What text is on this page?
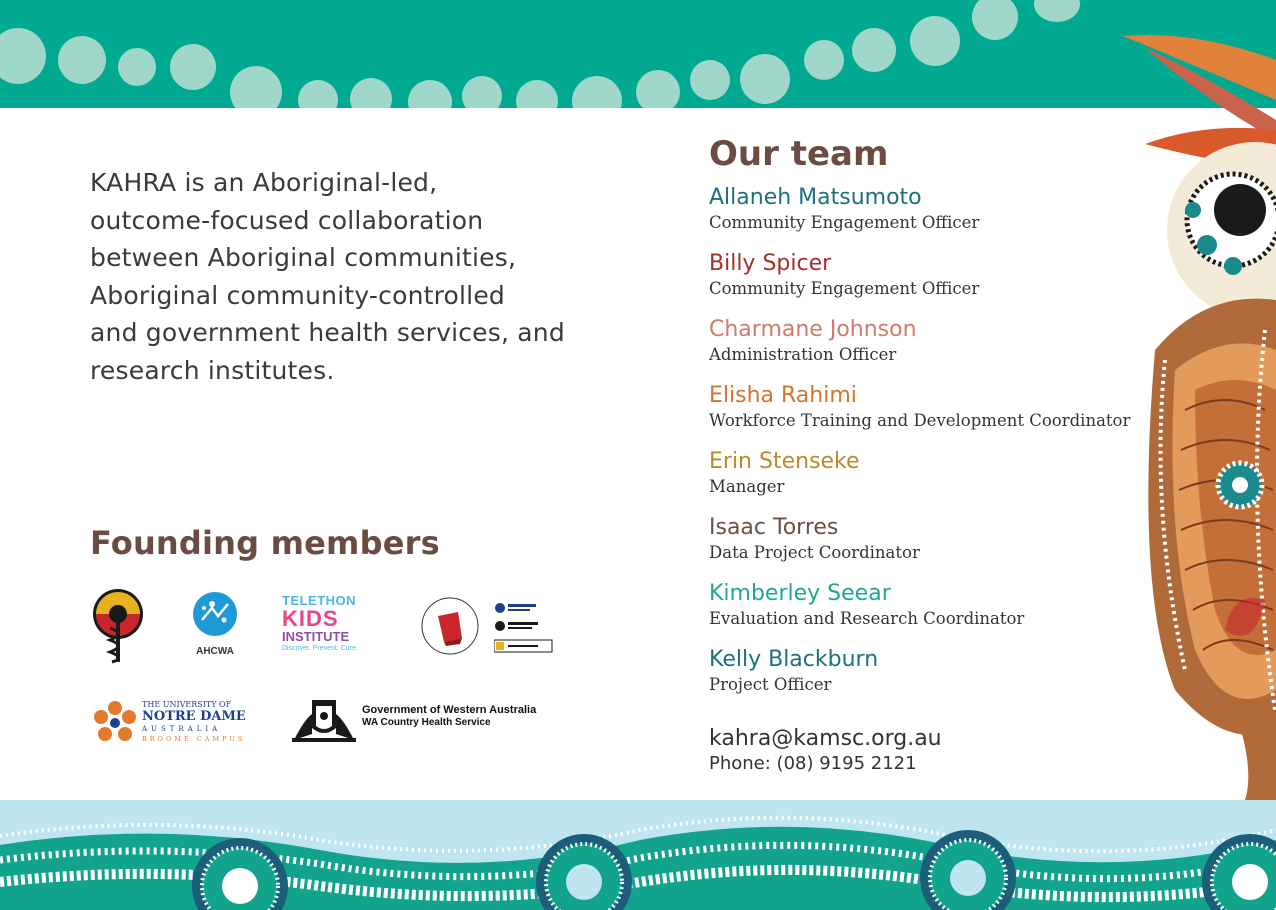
KAHRA is an Aboriginal-led,
outcome-focused collaboration
between Aboriginal communities,
Aboriginal community-controlled
and government health services, and
research institutes.
Founding members
AHCWA
TELETHON
KIDS
INSTITUTE
Discover. Prevent. Cure.
THE UNIVERSITY OF
NOTRE DAME
AUSTRALIA
BROOME CAMPUS
Government of Western Australia
WA Country Health Service
Our team
Allaneh Matsumoto
Community Engagement Officer
Billy Spicer
Community Engagement Officer
Charmane Johnson
Administration Officer
Elisha Rahimi
Workforce Training and Development Coordinator
Erin Stenseke
Manager
Isaac Torres
Data Project Coordinator
Kimberley Seear
Evaluation and Research Coordinator
Kelly Blackburn
Project Officer
kahra@kamsc.org.au
Phone: (08) 9195 2121
